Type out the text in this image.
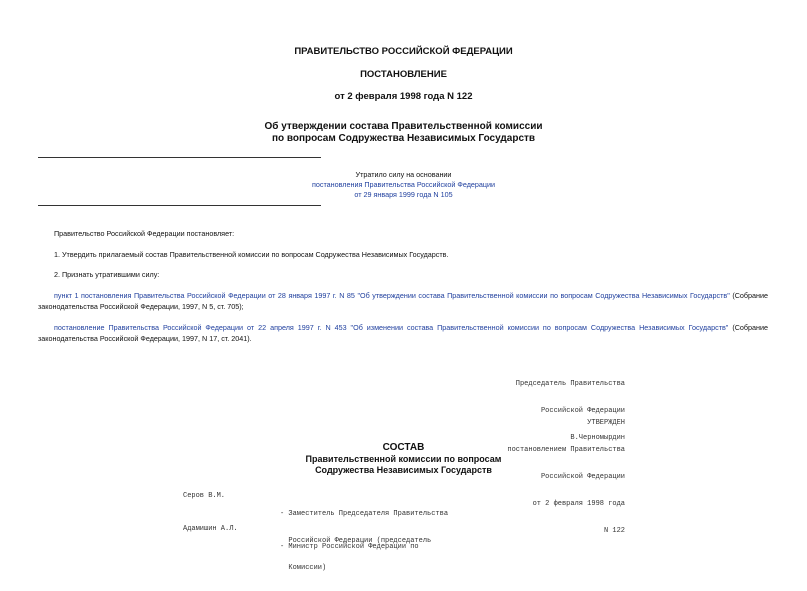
ПРАВИТЕЛЬСТВО РОССИЙСКОЙ ФЕДЕРАЦИИ
ПОСТАНОВЛЕНИЕ
от 2 февраля 1998 года N 122
Об утверждении состава Правительственной комиссии
по вопросам Содружества Независимых Государств
Утратило силу на основании
постановления Правительства Российской Федерации
от 29 января 1999 года N 105
Правительство Российской Федерации постановляет:
1. Утвердить прилагаемый состав Правительственной комиссии по вопросам Содружества Независимых Государств.
2. Признать утратившими силу:
пункт 1 постановления Правительства Российской Федерации от 28 января 1997 г. N 85 "Об утверждении состава Правительственной комиссии по вопросам Содружества Независимых Государств" (Собрание законодательства Российской Федерации, 1997, N 5, ст. 705);
постановление Правительства Российской Федерации от 22 апреля 1997 г. N 453 "Об изменении состава Правительственной комиссии по вопросам Содружества Независимых Государств" (Собрание законодательства Российской Федерации, 1997, N 17, ст. 2041).

Председатель Правительства

Российской Федерации

В.Черномырдин

УТВЕРЖДЕН

постановлением Правительства

Российской Федерации

от 2 февраля 1998 года

N 122

СОСТАВ
Правительственной комиссии по вопросам
Содружества Независимых Государств
Серов В.М.

- Заместитель Председателя Правительства

Российской Федерации (председатель

Комиссии)

Адамишин А.Л.

- Министр Российской Федерации по
